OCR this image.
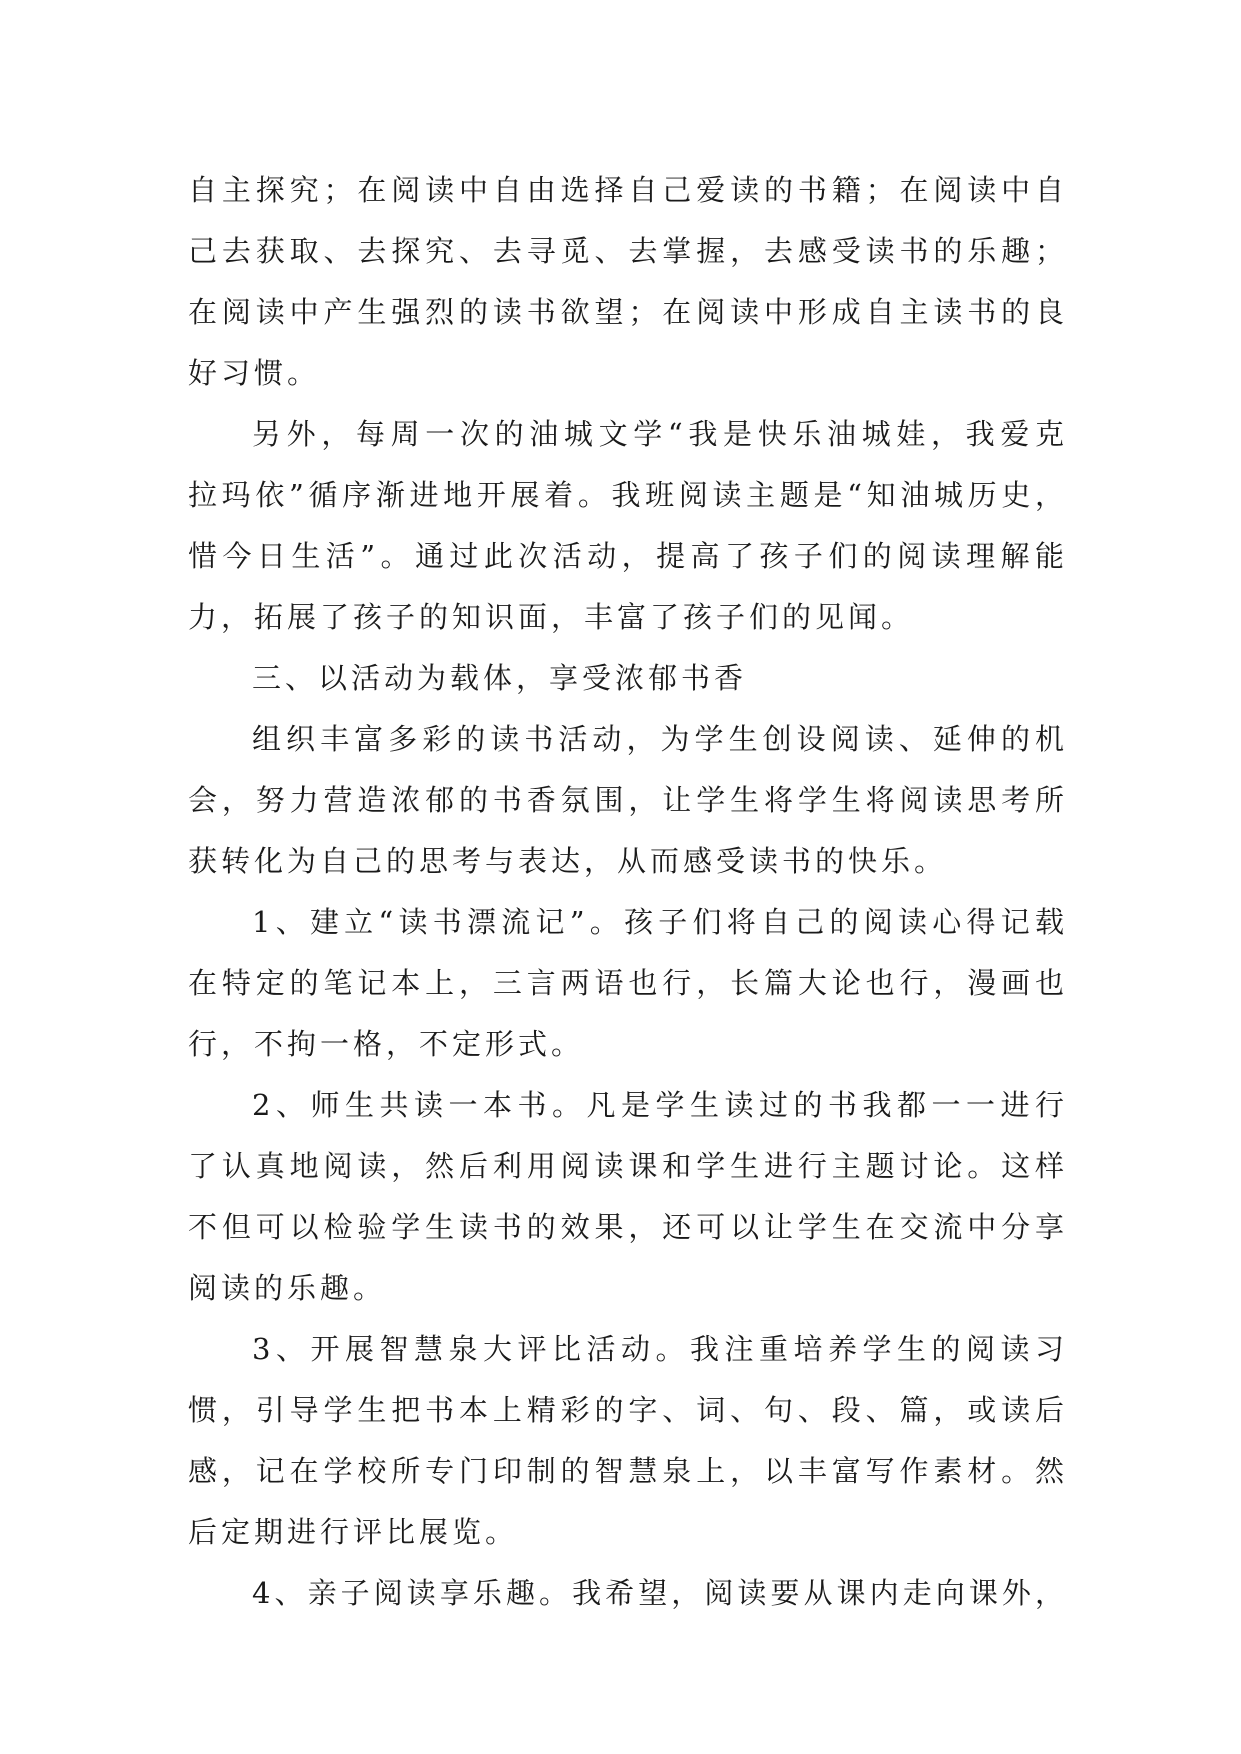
自主探究；在阅读中自由选择自己爱读的书籍；在阅读中自
己去获取、去探究、去寻觅、去掌握，去感受读书的乐趣；
在阅读中产生强烈的读书欲望；在阅读中形成自主读书的良
好习惯。

另外，每周一次的油城文学“我是快乐油城娃，我爱克
拉玛依”循序渐进地开展着。我班阅读主题是“知油城历史，
惜今日生活”。通过此次活动，提高了孩子们的阅读理解能
力，拓展了孩子的知识面，丰富了孩子们的见闻。

三、以活动为载体，享受浓郁书香

组织丰富多彩的读书活动，为学生创设阅读、延伸的机
会，努力营造浓郁的书香氛围，让学生将学生将阅读思考所
获转化为自己的思考与表达，从而感受读书的快乐。

1、建立“读书漂流记”。孩子们将自己的阅读心得记载
在特定的笔记本上，三言两语也行，长篇大论也行，漫画也
行，不拘一格，不定形式。

2、师生共读一本书。凡是学生读过的书我都一一进行
了认真地阅读，然后利用阅读课和学生进行主题讨论。这样
不但可以检验学生读书的效果，还可以让学生在交流中分享
阅读的乐趣。

3、开展智慧泉大评比活动。我注重培养学生的阅读习
惯，引导学生把书本上精彩的字、词、句、段、篇，或读后
感，记在学校所专门印制的智慧泉上，以丰富写作素材。然
后定期进行评比展览。

4、亲子阅读享乐趣。我希望，阅读要从课内走向课外，
